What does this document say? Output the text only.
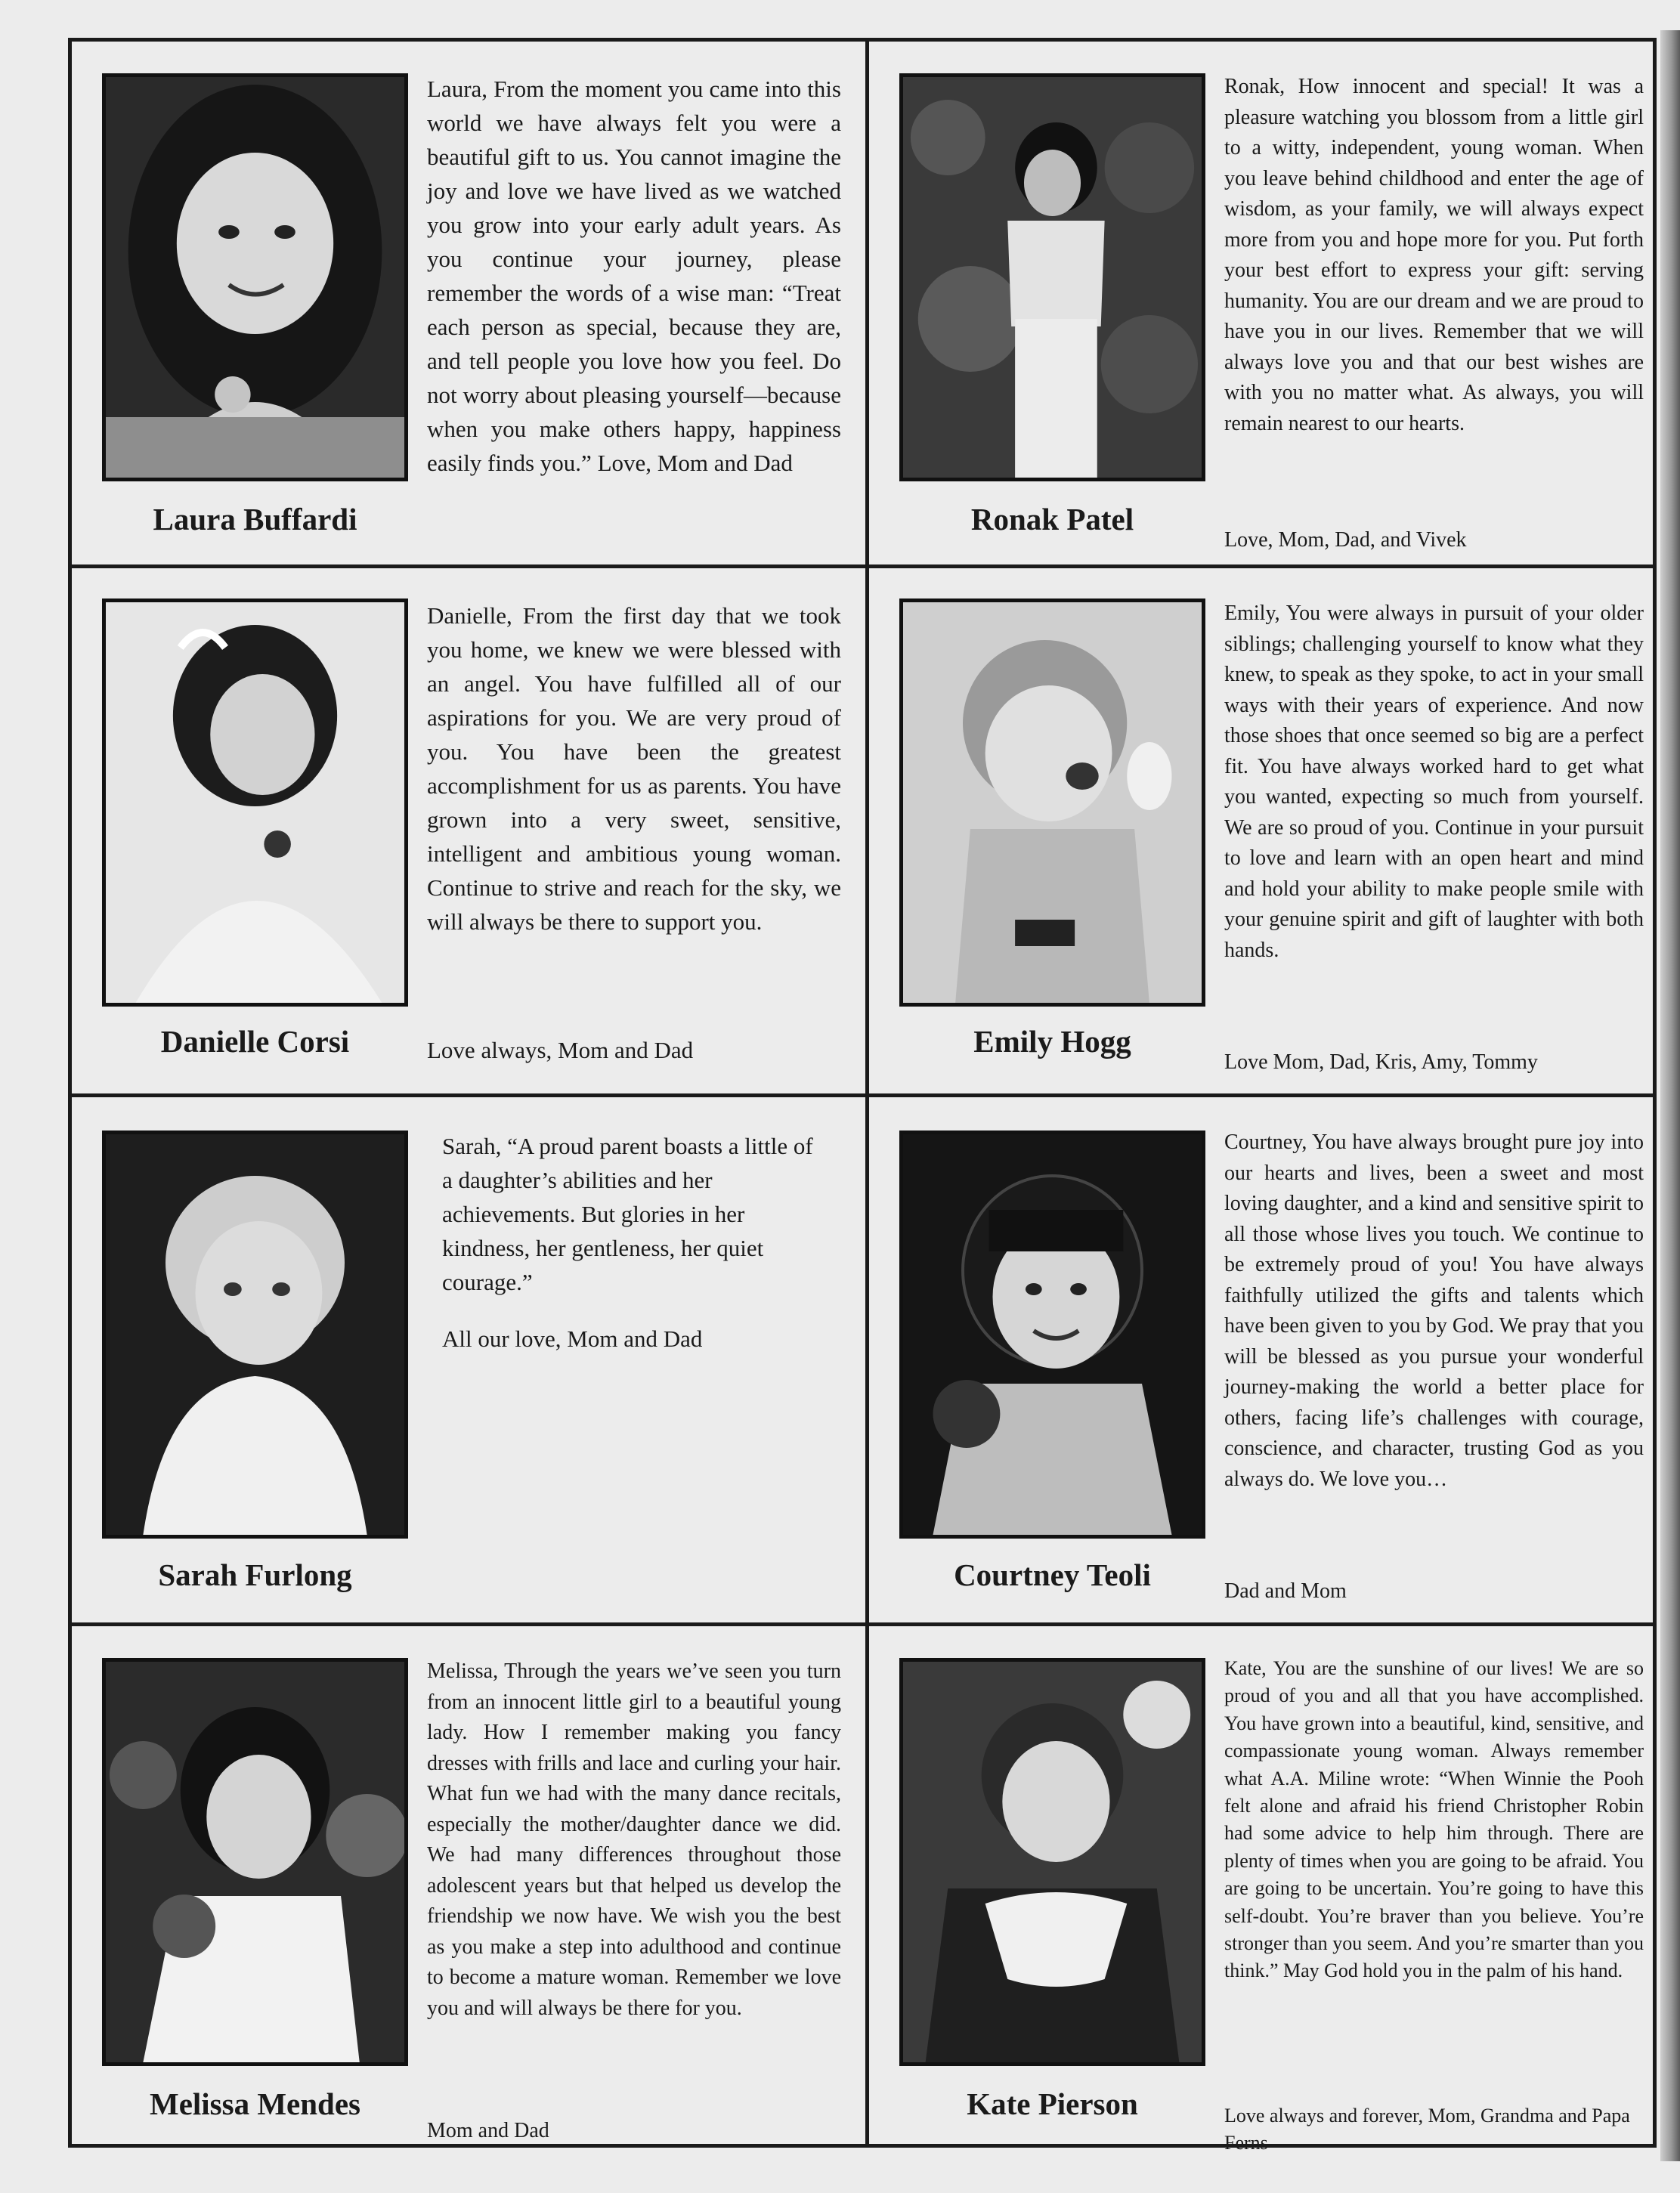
Laura Buffardi

Laura, From the moment you came into this world we have always felt you were a beautiful gift to us. You cannot imagine the joy and love we have lived as we watched you grow into your early adult years. As you continue your journey, please remember the words of a wise man: “Treat each person as special, because they are, and tell people you love how you feel. Do not worry about pleasing yourself—because when you make others happy, happiness easily finds you.” Love, Mom and Dad

Ronak Patel

Ronak, How innocent and special! It was a pleasure watching you blossom from a little girl to a witty, independent, young woman. When you leave behind childhood and enter the age of wisdom, as your family, we will always expect more from you and hope more for you. Put forth your best effort to express your gift: serving humanity. You are our dream and we are proud to have you in our lives. Remember that we will always love you and that our best wishes are with you no matter what. As always, you will remain nearest to our hearts.

Love, Mom, Dad, and Vivek

Danielle Corsi

Danielle, From the first day that we took you home, we knew we were blessed with an angel. You have fulfilled all of our aspirations for you. We are very proud of you. You have been the greatest accomplishment for us as parents. You have grown into a very sweet, sensitive, intelligent and ambitious young woman. Continue to strive and reach for the sky, we will always be there to support you.

Love always, Mom and Dad	Emily Hogg

Emily, You were always in pursuit of your older siblings; challenging yourself to know what they knew, to speak as they spoke, to act in your small ways with their years of experience. And now those shoes that once seemed so big are a perfect fit. You have always worked hard to get what you wanted, expecting so much from yourself. We are so proud of you. Continue in your pursuit to love and learn with an open heart and mind and hold your ability to make people smile with your genuine spirit and gift of laughter with both hands.

Love Mom, Dad, Kris, Amy, Tommy

Sarah Furlong

Sarah, “A proud parent boasts a little of a daughter’s abilities and her achievements. But glories in her kindness, her gentleness, her quiet courage.”

All our love, Mom and Dad

Courtney Teoli

Courtney, You have always brought pure joy into our hearts and lives, been a sweet and most loving daughter, and a kind and sensitive spirit to all those whose lives you touch. We continue to be extremely proud of you! You have always faithfully utilized the gifts and talents which have been given to you by God. We pray that you will be blessed as you pursue your wonderful journey-making the world a better place for others, facing life’s challenges with courage, conscience, and character, trusting God as you always do. We love you…

Dad and Mom

Melissa Mendes

Melissa, Through the years we’ve seen you turn from an innocent little girl to a beautiful young lady. How I remember making you fancy dresses with frills and lace and curling your hair. What fun we had with the many dance recitals, especially the mother/daughter dance we did. We had many differences throughout those adolescent years but that helped us develop the friendship we now have. We wish you the best as you make a step into adulthood and continue to become a mature woman. Remember we love you and will always be there for you.

Mom and Dad

Kate Pierson

Kate, You are the sunshine of our lives! We are so proud of you and all that you have accomplished. You have grown into a beautiful, kind, sensitive, and compassionate young woman. Always remember what A.A. Miline wrote: “When Winnie the Pooh felt alone and afraid his friend Christopher Robin had some advice to help him through. There are plenty of times when you are going to be afraid. You are going to be uncertain. You’re going to have this self-doubt. You’re braver than you believe. You’re stronger than you seem. And you’re smarter than you think.” May God hold you in the palm of his hand.

Love always and forever, Mom, Grandma and Papa Ferns
